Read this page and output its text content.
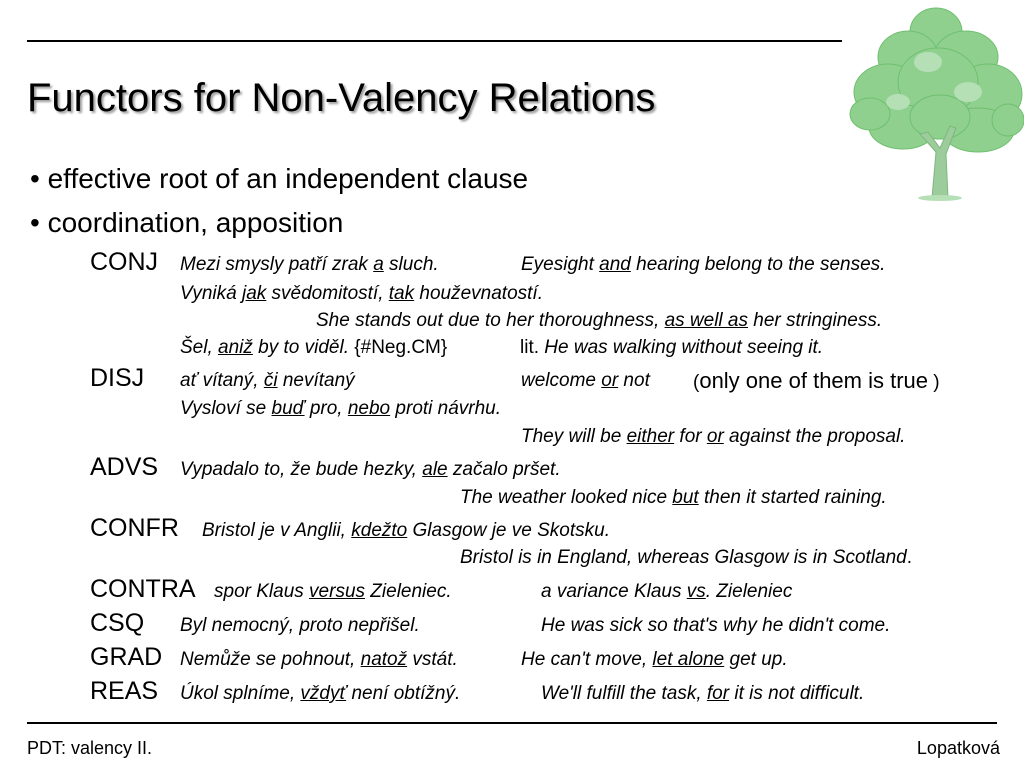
Functors for Non-Valency Relations
• effective root of an independent clause
• coordination, apposition
CONJ Mezi smysly patří zrak a sluch.	Eyesight and hearing belong to the senses.
Vyniká jak svědomitostí, tak houževnatostí.
She stands out due to her thoroughness, as well as her stringiness.
Šel, aniž by to viděl. {#Neg.CM}	lit. He was walking without seeing it.
DISJ ať vítaný, či nevítaný	welcome or not (only one of them is true )
Vysloví se buď pro, nebo proti návrhu.
They will be either for or against the proposal.
ADVS Vypadalo to, že bude hezky, ale začalo pršet.
The weather looked nice but then it started raining.
CONFR Bristol je v Anglii, kdežto Glasgow je ve Skotsku.
Bristol is in England, whereas Glasgow is in Scotland.
CONTRA spor Klaus versus Zieleniec.	a variance Klaus vs. Zieleniec
CSQ Byl nemocný, proto nepřišel.	He was sick so that's why he didn't come.
GRAD Nemůže se pohnout, natož vstát.	He can't move, let alone get up.
REAS Úkol splníme, vždyť není obtížný.	We'll fulfill the task, for it is not difficult.
PDT: valency II.	Lopatková
